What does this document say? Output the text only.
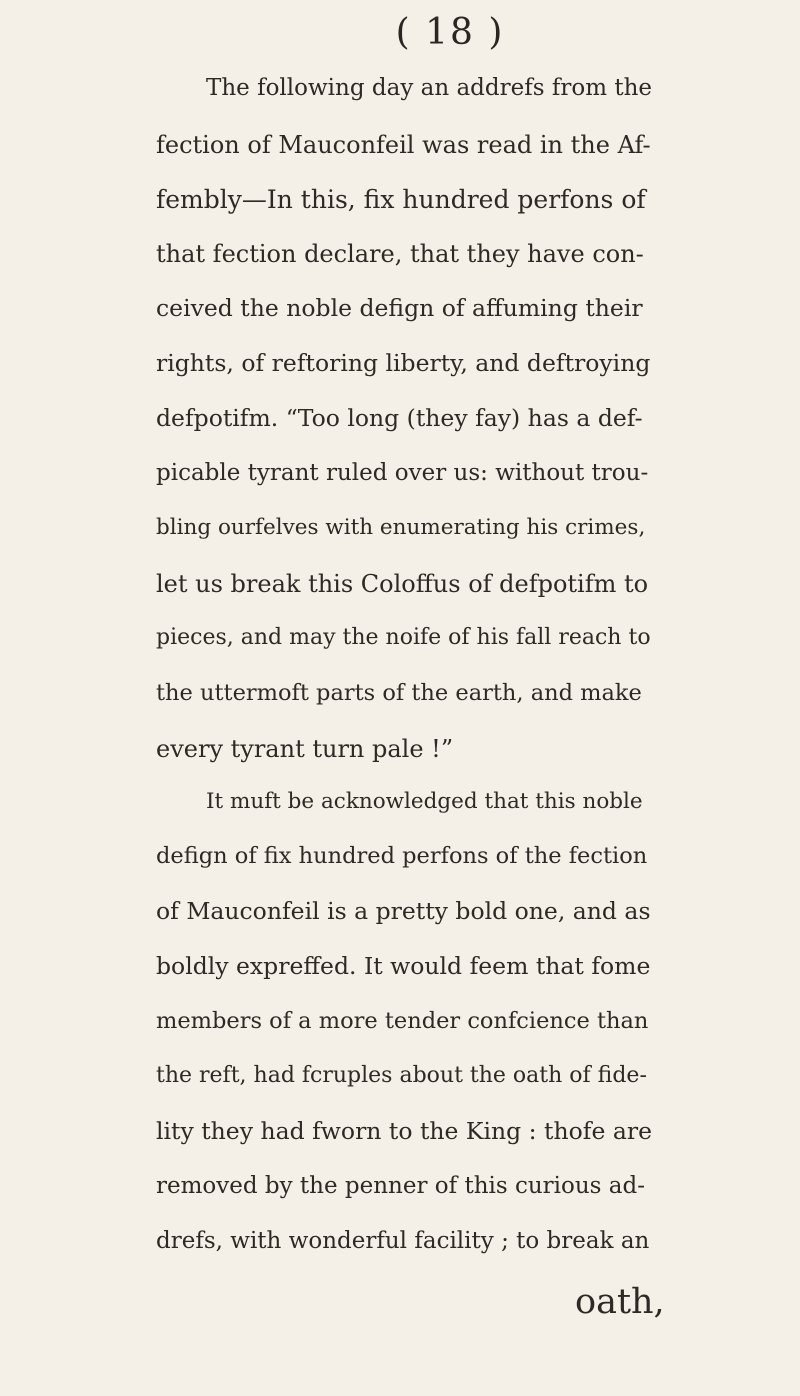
( 18 )
The following day an addrefs from the
fection of Mauconfeil was read in the Af-
fembly—In this, fix hundred perfons of
that fection declare, that they have con-
ceived the noble defign of affuming their
rights, of reftoring liberty, and deftroying
defpotifm. “Too long (they fay) has a def-
picable tyrant ruled over us: without trou-
bling ourfelves with enumerating his crimes,
let us break this Coloffus of defpotifm to
pieces, and may the noife of his fall reach to
the uttermoft parts of the earth, and make
every tyrant turn pale !”
It muft be acknowledged that this noble
defign of fix hundred perfons of the fection
of Mauconfeil is a pretty bold one, and as
boldly expreffed. It would feem that fome
members of a more tender confcience than
the reft, had fcruples about the oath of fide-
lity they had fworn to the King : thofe are
removed by the penner of this curious ad-
drefs, with wonderful facility ; to break an
oath,
